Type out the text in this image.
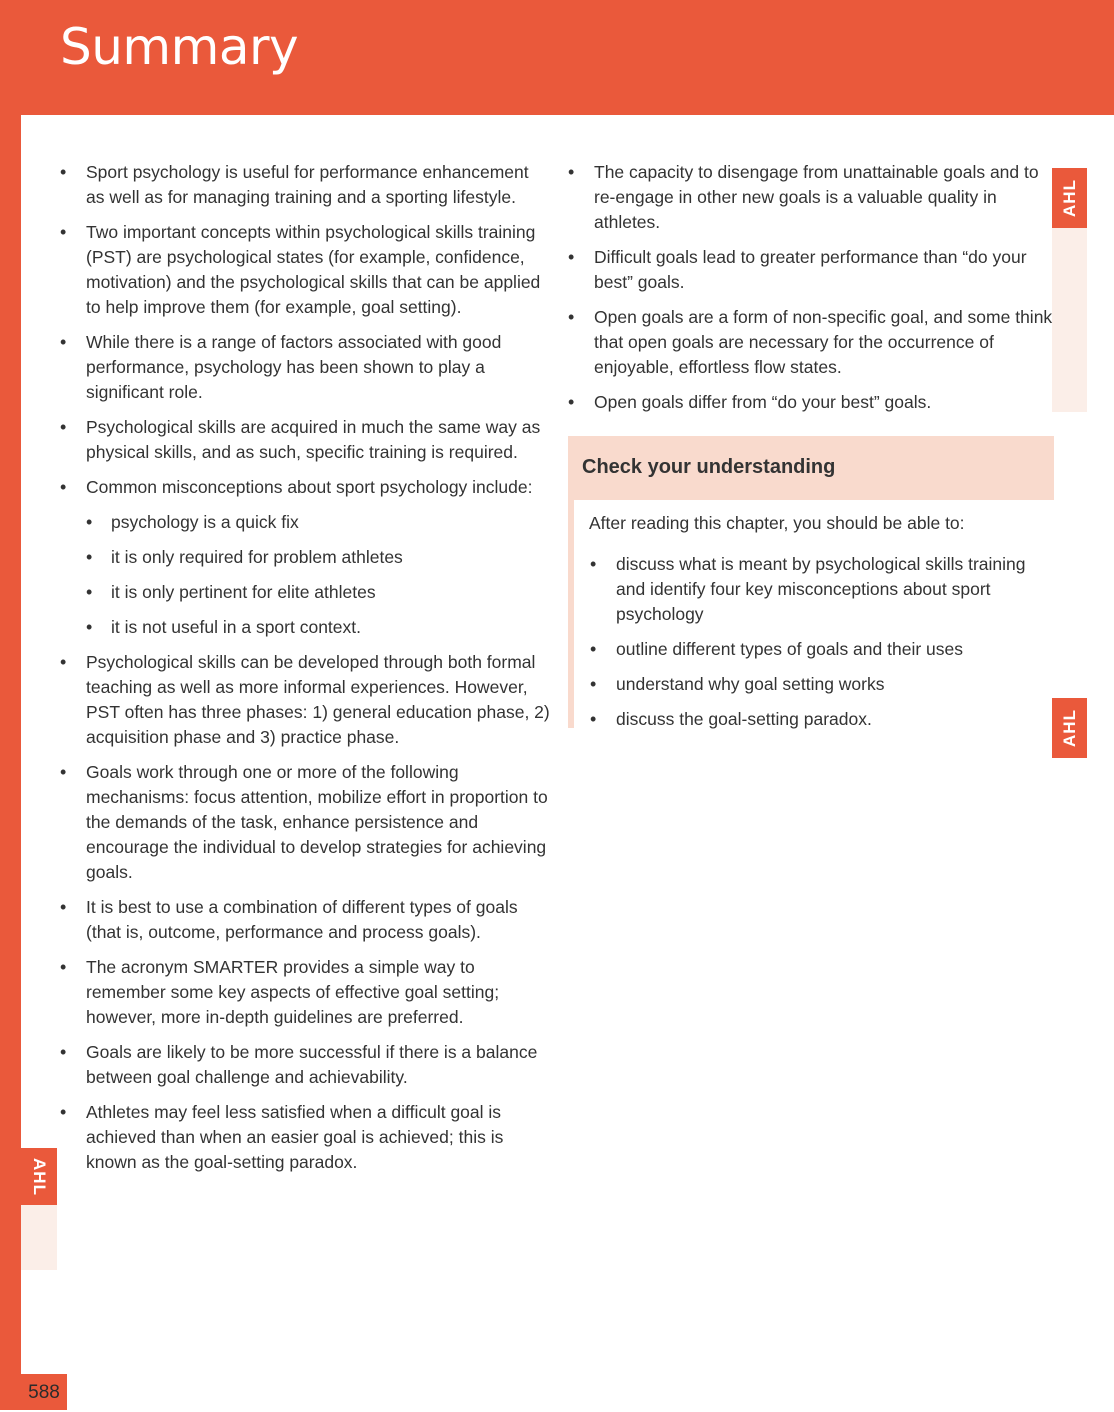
Summary
588
AHL
AHL
AHL
• Sport psychology is useful for performance enhancement as well as for managing training and a sporting lifestyle.
• Two important concepts within psychological skills training (PST) are psychological states (for example, confidence, motivation) and the psychological skills that can be applied to help improve them (for example, goal setting).
• While there is a range of factors associated with good performance, psychology has been shown to play a significant role.
• Psychological skills are acquired in much the same way as physical skills, and as such, specific training is required.
• Common misconceptions about sport psychology include:
• psychology is a quick fix
• it is only required for problem athletes
• it is only pertinent for elite athletes
• it is not useful in a sport context.
• Psychological skills can be developed through both formal teaching as well as more informal experiences. However, PST often has three phases: 1) general education phase, 2) acquisition phase and 3) practice phase.
• Goals work through one or more of the following mechanisms: focus attention, mobilize effort in proportion to the demands of the task, enhance persistence and encourage the individual to develop strategies for achieving goals.
• It is best to use a combination of different types of goals (that is, outcome, performance and process goals).
• The acronym SMARTER provides a simple way to remember some key aspects of effective goal setting; however, more in-depth guidelines are preferred.
• Goals are likely to be more successful if there is a balance between goal challenge and achievability.
• Athletes may feel less satisfied when a difficult goal is achieved than when an easier goal is achieved; this is known as the goal-setting paradox.
• The capacity to disengage from unattainable goals and to re-engage in other new goals is a valuable quality in athletes.
• Difficult goals lead to greater performance than “do your best” goals.
• Open goals are a form of non-specific goal, and some think that open goals are necessary for the occurrence of enjoyable, effortless flow states.
• Open goals differ from “do your best” goals.
Check your understanding

After reading this chapter, you should be able to:

• discuss what is meant by psychological skills training and identify four key misconceptions about sport psychology
• outline different types of goals and their uses
• understand why goal setting works
• discuss the goal-setting paradox.
